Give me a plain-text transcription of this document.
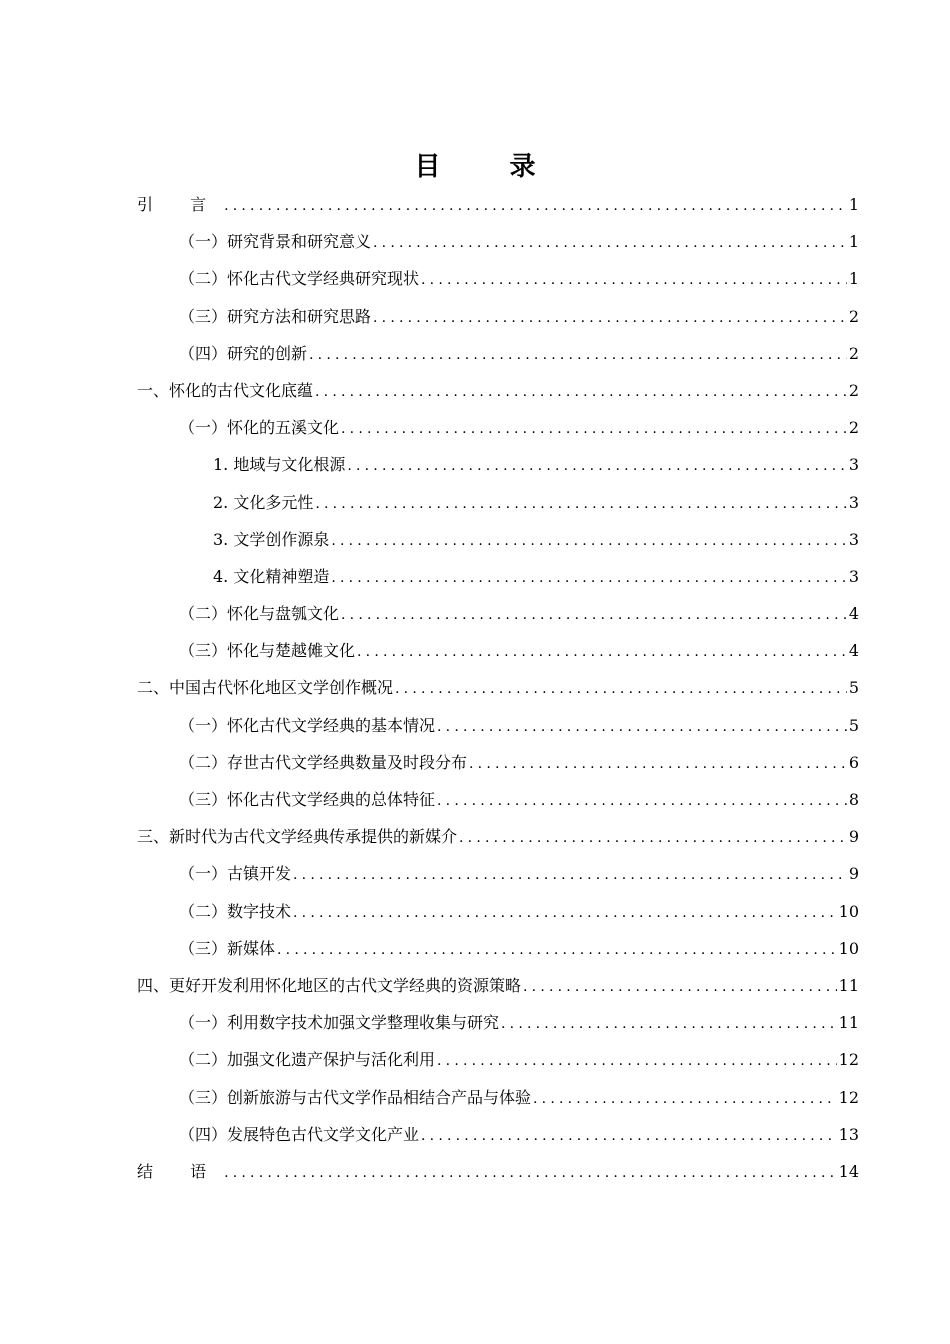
目 录
引 言 .....	1
（一）研究背景和研究意义 .....	1
（二）怀化古代文学经典研究现状 .....	1
（三）研究方法和研究思路 .....	2
（四）研究的创新 .....	2
一、怀化的古代文化底蕴 .....	2
（一）怀化的五溪文化 .....	2
1. 地域与文化根源 .....	3
2. 文化多元性 .....	3
3. 文学创作源泉 .....	3
4. 文化精神塑造 .....	3
（二）怀化与盘瓠文化 .....	4
（三）怀化与楚越傩文化 .....	4
二、中国古代怀化地区文学创作概况 .....	5
（一）怀化古代文学经典的基本情况 .....	5
（二）存世古代文学经典数量及时段分布 .....	6
（三）怀化古代文学经典的总体特征 .....	8
三、新时代为古代文学经典传承提供的新媒介 .....	9
（一）古镇开发 .....	9
（二）数字技术 .....	10
（三）新媒体 .....	10
四、更好开发利用怀化地区的古代文学经典的资源策略 .....	11
（一）利用数字技术加强文学整理收集与研究 .....	11
（二）加强文化遗产保护与活化利用 .....	12
（三）创新旅游与古代文学作品相结合产品与体验 .....	12
（四）发展特色古代文学文化产业 .....	13
结 语 .....	14
